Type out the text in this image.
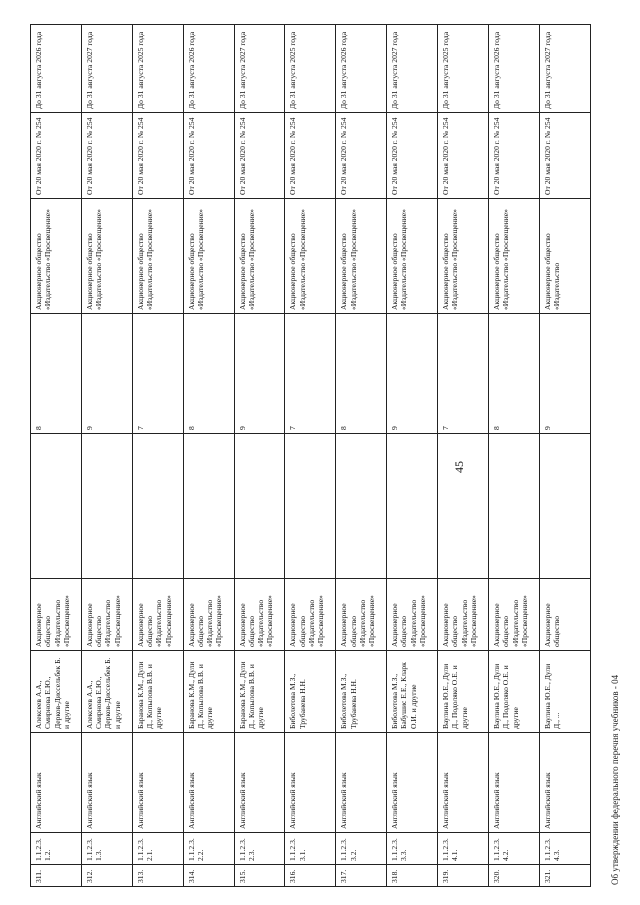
45
311.	1.1.2.3.1.2.	Английский язык	Алексеев А.А., Смирнова Е.Ю., Дерков-Диссельбек Б. и другие	Акционерное общество «Издательство «Просвещение»		8	Акционерное общество «Издательство «Просвещение»	От 20 мая 2020 г. № 254	До 31 августа 2026 года
312.	1.1.2.3.1.3.	Английский язык	Алексеев А.А., Смирнова Е.Ю., Дерков-Диссельбек Б. и другие	Акционерное общество «Издательство «Просвещение»		9	Акционерное общество «Издательство «Просвещение»	От 20 мая 2020 г. № 254	До 31 августа 2027 года
313.	1.1.2.3.2.1.	Английский язык	Баранова К.М., Дули Д., Копылова В.В. и другие	Акционерное общество «Издательство «Просвещение»		7	Акционерное общество «Издательство «Просвещение»	От 20 мая 2020 г. № 254	До 31 августа 2025 года
314.	1.1.2.3.2.2.	Английский язык	Баранова К.М., Дули Д., Копылова В.В. и другие	Акционерное общество «Издательство «Просвещение»		8	Акционерное общество «Издательство «Просвещение»	От 20 мая 2020 г. № 254	До 31 августа 2026 года
315.	1.1.2.3.2.3.	Английский язык	Баранова К.М., Дули Д., Копылова В.В. и другие	Акционерное общество «Издательство «Просвещение»		9	Акционерное общество «Издательство «Просвещение»	От 20 мая 2020 г. № 254	До 31 августа 2027 года
316.	1.1.2.3.3.1.	Английский язык	Биболетова М.З., Трубанева Н.Н.	Акционерное общество «Издательство «Просвещение»		7	Акционерное общество «Издательство «Просвещение»	От 20 мая 2020 г. № 254	До 31 августа 2025 года
317.	1.1.2.3.3.2.	Английский язык	Биболетова М.З., Трубанева Н.Н.	Акционерное общество «Издательство «Просвещение»		8	Акционерное общество «Издательство «Просвещение»	От 20 мая 2020 г. № 254	До 31 августа 2026 года
318.	1.1.2.3.3.3.	Английский язык	Биболетова М.З., Бабушис Е.Е., Кларк О.И. и другие	Акционерное общество «Издательство «Просвещение»		9	Акционерное общество «Издательство «Просвещение»	От 20 мая 2020 г. № 254	До 31 августа 2027 года
319.	1.1.2.3.4.1.	Английский язык	Ваулина Ю.Е., Дули Д., Подоляко О.Е. и другие	Акционерное общество «Издательство «Просвещение»		7	Акционерное общество «Издательство «Просвещение»	От 20 мая 2020 г. № 254	До 31 августа 2025 года
320.	1.1.2.3.4.2.	Английский язык	Ваулина Ю.Е., Дули Д., Подоляко О.Е. и другие	Акционерное общество «Издательство «Просвещение»		8	Акционерное общество «Издательство «Просвещение»	От 20 мая 2020 г. № 254	До 31 августа 2026 года
321.	1.1.2.3.4.3.	Английский язык	Ваулина Ю.Е., Дули Д., ...	Акционерное общество		9	Акционерное общество «Издательство	От 20 мая 2020 г. № 254	До 31 августа 2027 года
Об утверждении федерального перечня учебников - 04
